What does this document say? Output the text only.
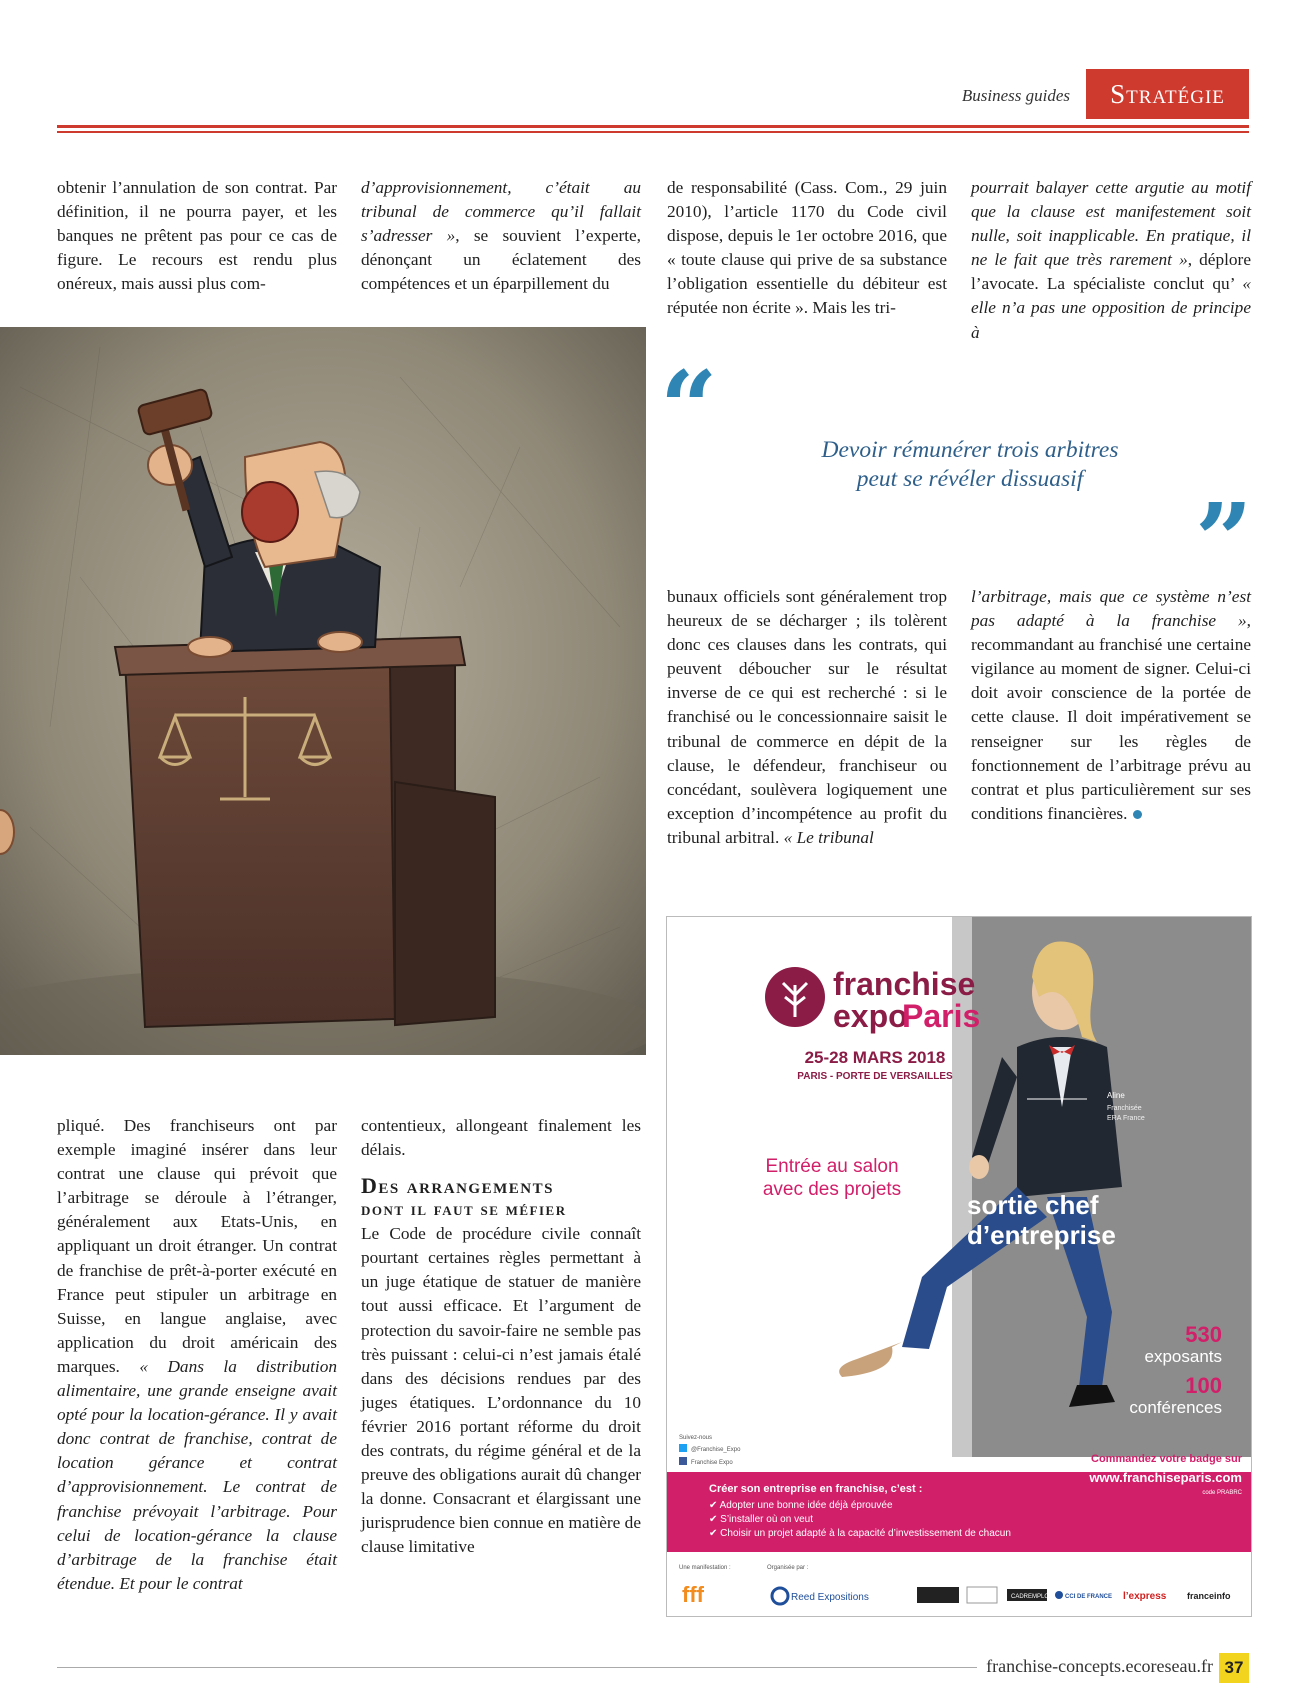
Business guides	Stratégie
obtenir l’annulation de son contrat. Par définition, il ne pourra payer, et les banques ne prêtent pas pour ce cas de figure. Le recours est rendu plus onéreux, mais aussi plus com-
d’approvisionnement, c’était au tribunal de commerce qu’il fallait s’adresser », se souvient l’experte, dénonçant un éclatement des compétences et un éparpillement du
de responsabilité (Cass. Com., 29 juin 2010), l’article 1170 du Code civil dispose, depuis le 1er octobre 2016, que « toute clause qui prive de sa substance l’obligation essentielle du débiteur est réputée non écrite ». Mais les tri-
pourrait balayer cette argutie au motif que la clause est manifestement soit nulle, soit inapplicable. En pratique, il ne le fait que très rarement », déplore l’avocate. La spécialiste conclut qu’ « elle n’a pas une opposition de principe à
“	Devoir rémunérer trois arbitres
peut se révéler dissuasif
”
bunaux officiels sont généralement trop heureux de se décharger ; ils tolèrent donc ces clauses dans les contrats, qui peuvent déboucher sur le résultat inverse de ce qui est recherché : si le franchisé ou le concessionnaire saisit le tribunal de commerce en dépit de la clause, le défendeur, franchiseur ou concédant, soulèvera logiquement une exception d’incompétence au profit du tribunal arbitral. « Le tribunal
l’arbitrage, mais que ce système n’est pas adapté à la franchise », recommandant au franchisé une certaine vigilance au moment de signer. Celui-ci doit avoir conscience de la portée de cette clause. Il doit impérativement se renseigner sur les règles de fonctionnement de l’arbitrage prévu au contrat et plus particulièrement sur ses conditions financières.
pliqué. Des franchiseurs ont par exemple imaginé insérer dans leur contrat une clause qui prévoit que l’arbitrage se déroule à l’étranger, généralement aux Etats-Unis, en appliquant un droit étranger. Un contrat de franchise de prêt-à-porter exécuté en France peut stipuler un arbitrage en Suisse, en langue anglaise, avec application du droit américain des marques. « Dans la distribution alimentaire, une grande enseigne avait opté pour la location-gérance. Il y avait donc contrat de franchise, contrat de location gérance et contrat d’approvisionnement. Le contrat de franchise prévoyait l’arbitrage. Pour celui de location-gérance la clause d’arbitrage de la franchise était étendue. Et pour le contrat

contentieux, allongeant finalement les délais.

Des arrangements
dont il faut se méfier

Le Code de procédure civile connaît pourtant certaines règles permettant à un juge étatique de statuer de manière tout aussi efficace. Et l’argument de protection du savoir-faire ne semble pas très puissant : celui-ci n’est jamais étalé dans des décisions rendues par des juges étatiques. L’ordonnance du 10 février 2016 portant réforme du droit des contrats, du régime général et de la preuve des obligations aurait dû changer la donne. Consacrant et élargissant une jurisprudence bien connue en matière de clause limitative

franchise
expo
Paris
25-28 MARS 2018
PARIS - PORTE DE VERSAILLES
Aline
Franchisée
ERA France
Entrée au salon
avec des projets
sortie chef
d’entreprise
530
exposants
100
conférences
Suivez-nous
@Franchise_Expo
Franchise Expo
Créer son entreprise en franchise, c’est :
✔ Adopter une bonne idée déjà éprouvée
✔ S’installer où on veut
✔ Choisir un projet adapté à la capacité d’investissement de chacun
Commandez votre badge sur
www.franchiseparis.com
code PRABRC
Une manifestation :	Organisée par :
fff	Reed Expositions	CADREMPLOI CCI DE FRANCE l’express franceinfo
franchise-concepts.ecoreseau.fr 37
